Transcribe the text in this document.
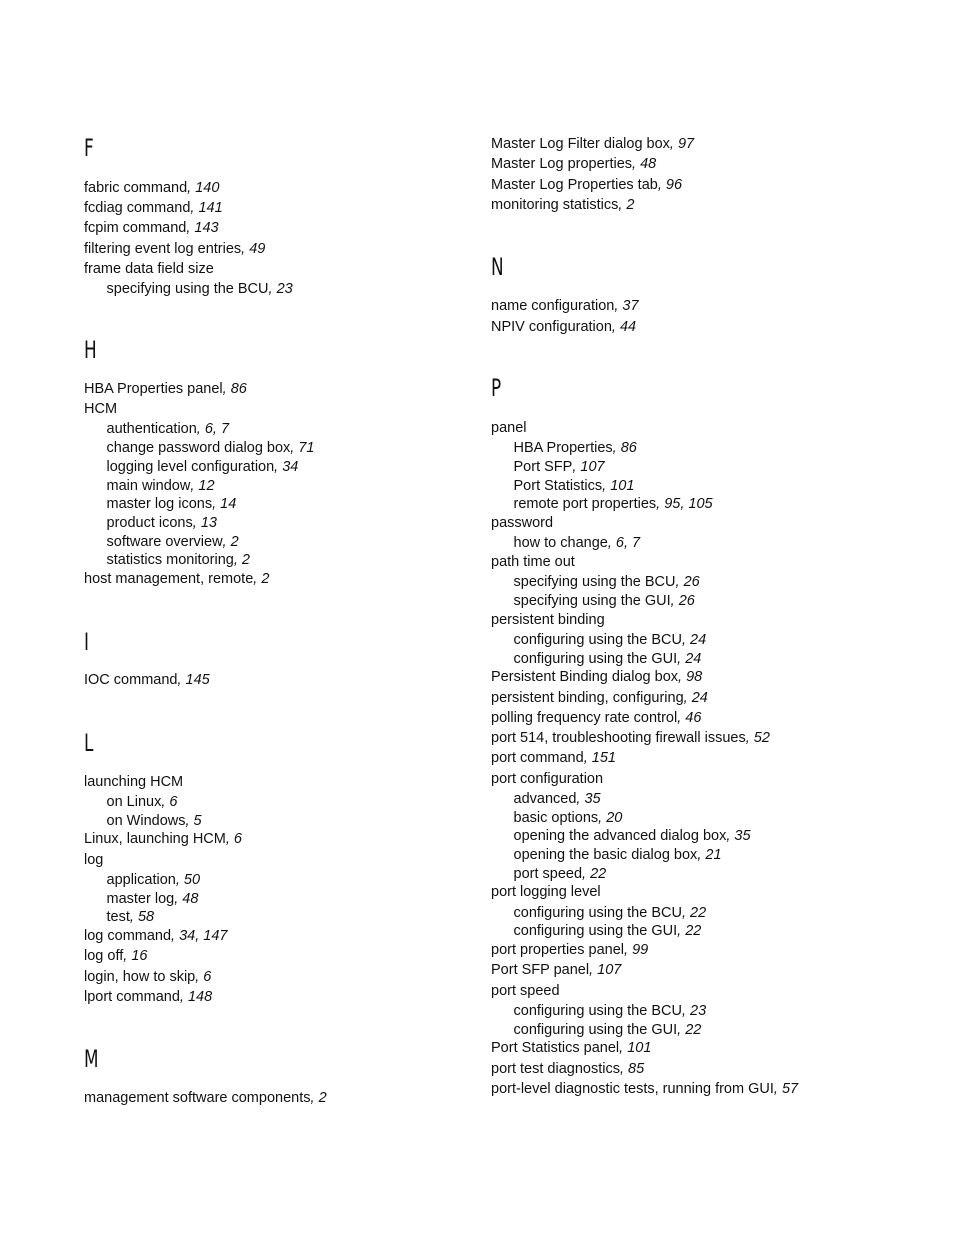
F
fabric command, 140
fcdiag command, 141
fcpim command, 143
filtering event log entries, 49
frame data field size
specifying using the BCU, 23
H
HBA Properties panel, 86
HCM
authentication, 6, 7
change password dialog box, 71
logging level configuration, 34
main window, 12
master log icons, 14
product icons, 13
software overview, 2
statistics monitoring, 2
host management, remote, 2
I
IOC command, 145
L
launching HCM
on Linux, 6
on Windows, 5
Linux, launching HCM, 6
log
application, 50
master log, 48
test, 58
log command, 34, 147
log off, 16
login, how to skip, 6
lport command, 148
M
management software components, 2
Master Log Filter dialog box, 97
Master Log properties, 48
Master Log Properties tab, 96
monitoring statistics, 2
N
name configuration, 37
NPIV configuration, 44
P
panel
HBA Properties, 86
Port SFP, 107
Port Statistics, 101
remote port properties, 95, 105
password
how to change, 6, 7
path time out
specifying using the BCU, 26
specifying using the GUI, 26
persistent binding
configuring using the BCU, 24
configuring using the GUI, 24
Persistent Binding dialog box, 98
persistent binding, configuring, 24
polling frequency rate control, 46
port 514, troubleshooting firewall issues, 52
port command, 151
port configuration
advanced, 35
basic options, 20
opening the advanced dialog box, 35
opening the basic dialog box, 21
port speed, 22
port logging level
configuring using the BCU, 22
configuring using the GUI, 22
port properties panel, 99
Port SFP panel, 107
port speed
configuring using the BCU, 23
configuring using the GUI, 22
Port Statistics panel, 101
port test diagnostics, 85
port-level diagnostic tests, running from GUI, 57
